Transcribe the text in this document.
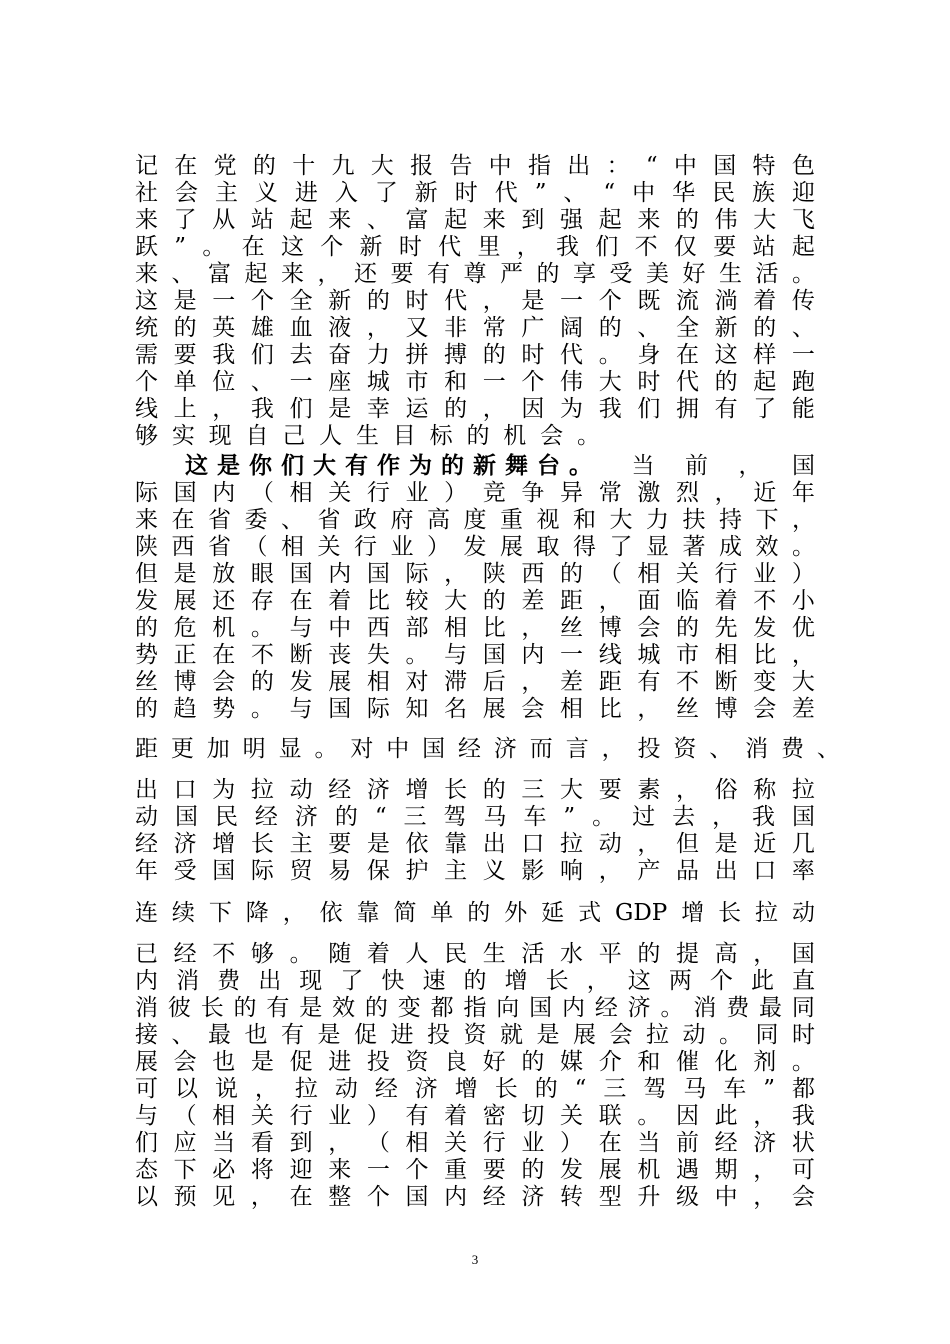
记 在 党 的 十 九 大 报 告 中 指 出 ： “ 中 国 特 色
社 会 主 义 进 入 了 新 时 代 ” 、 “ 中 华 民 族 迎
来 了 从 站 起 来 、 富 起 来 到 强 起 来 的 伟 大 飞
跃 ” 。 在 这 个 新 时 代 里 ， 我 们 不 仅 要 站 起
来 、 富 起 来 ， 还 要 有 尊 严 的 享 受 美 好 生 活 。
这 是 一 个 全 新 的 时 代 ， 是 一 个 既 流 淌 着 传
统 的 英 雄 血 液 ， 又 非 常 广 阔 的 、 全 新 的 、
需 要 我 们 去 奋 力 拼 搏 的 时 代 。 身 在 这 样 一
个 单 位 、 一 座 城 市 和 一 个 伟 大 时 代 的 起 跑
线 上 ， 我 们 是 幸 运 的 ， 因 为 我 们 拥 有 了 能
够 实 现 自 己 人 生 目 标 的 机 会 。
这是你们大有作为的新舞台。 当 前 ， 国
际 国 内 （ 相 关 行 业 ） 竞 争 异 常 激 烈 ， 近 年
来 在 省 委 、 省 政 府 高 度 重 视 和 大 力 扶 持 下 ，
陕 西 省 （ 相 关 行 业 ） 发 展 取 得 了 显 著 成 效 。
但 是 放 眼 国 内 国 际 ， 陕 西 的 （ 相 关 行 业 ）
发 展 还 存 在 着 比 较 大 的 差 距 ， 面 临 着 不 小
的 危 机 。 与 中 西 部 相 比 ， 丝 博 会 的 先 发 优
势 正 在 不 断 丧 失 。 与 国 内 一 线 城 市 相 比 ，
丝 博 会 的 发 展 相 对 滞 后 ， 差 距 有 不 断 变 大
的 趋 势 。 与 国 际 知 名 展 会 相 比 ， 丝 博 会 差
距 更 加 明 显 。 对 中 国 经 济 而 言 ， 投 资 、 消 费 、
出 口 为 拉 动 经 济 增 长 的 三 大 要 素 ， 俗 称 拉
动 国 民 经 济 的 “ 三 驾 马 车 ” 。 过 去 ， 我 国
经 济 增 长 主 要 是 依 靠 出 口 拉 动 ， 但 是 近 几
年 受 国 际 贸 易 保 护 主 义 影 响 ， 产 品 出 口 率
连 续 下 降 ， 依 靠 简 单 的 外 延 式 GDP 增 长 拉 动
已 经 不 够 。 随 着 人 民 生 活 水 平 的 提 高 ， 国
内 消 费 出 现 了 快 速 的 增 长 ， 这 两 个 此 直
消 彼 长 的 有 是 效 的 变 都 指 向 国 内 经 济 。 消 费 最 同
接 、 最 也 有 是 促 进 投 资 就 是 展 会 拉 动 。 同 时
展 会 也 是 促 进 投 资 良 好 的 媒 介 和 催 化 剂 。
可 以 说 ， 拉 动 经 济 增 长 的 “ 三 驾 马 车 ” 都
与 （ 相 关 行 业 ） 有 着 密 切 关 联 。 因 此 ， 我
们 应 当 看 到 ， （ 相 关 行 业 ） 在 当 前 经 济 状
态 下 必 将 迎 来 一 个 重 要 的 发 展 机 遇 期 ， 可
以 预 见 ， 在 整 个 国 内 经 济 转 型 升 级 中 ， 会
3
